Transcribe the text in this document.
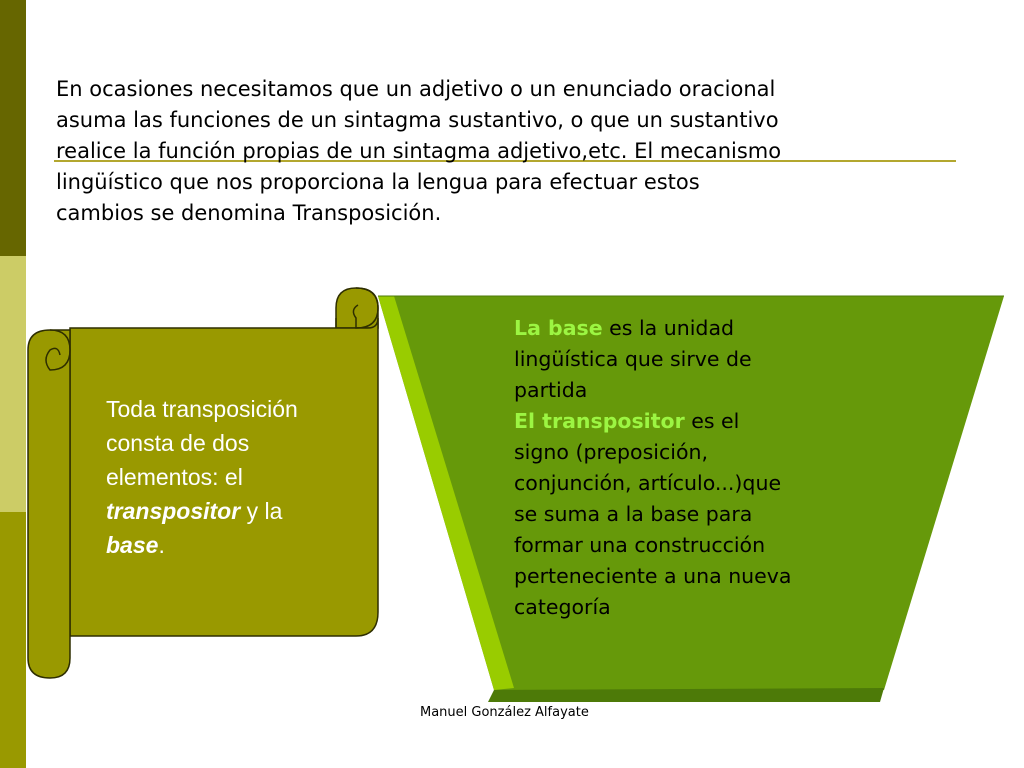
En ocasiones necesitamos que un adjetivo o un enunciado oracional
asuma las funciones de un sintagma sustantivo, o que un sustantivo
realice la función propias de un sintagma adjetivo,etc. El mecanismo
lingüístico que nos proporciona la lengua para efectuar estos
cambios se denomina Transposición.

Toda transposición
consta de dos
elementos: el
transpositor y la
base.
La base es la unidad
lingüística que sirve de
partida
El transpositor es el
signo (preposición,
conjunción, artículo...)que
se suma a la base para
formar una construcción
perteneciente a una nueva
categoría
Manuel González Alfayate
